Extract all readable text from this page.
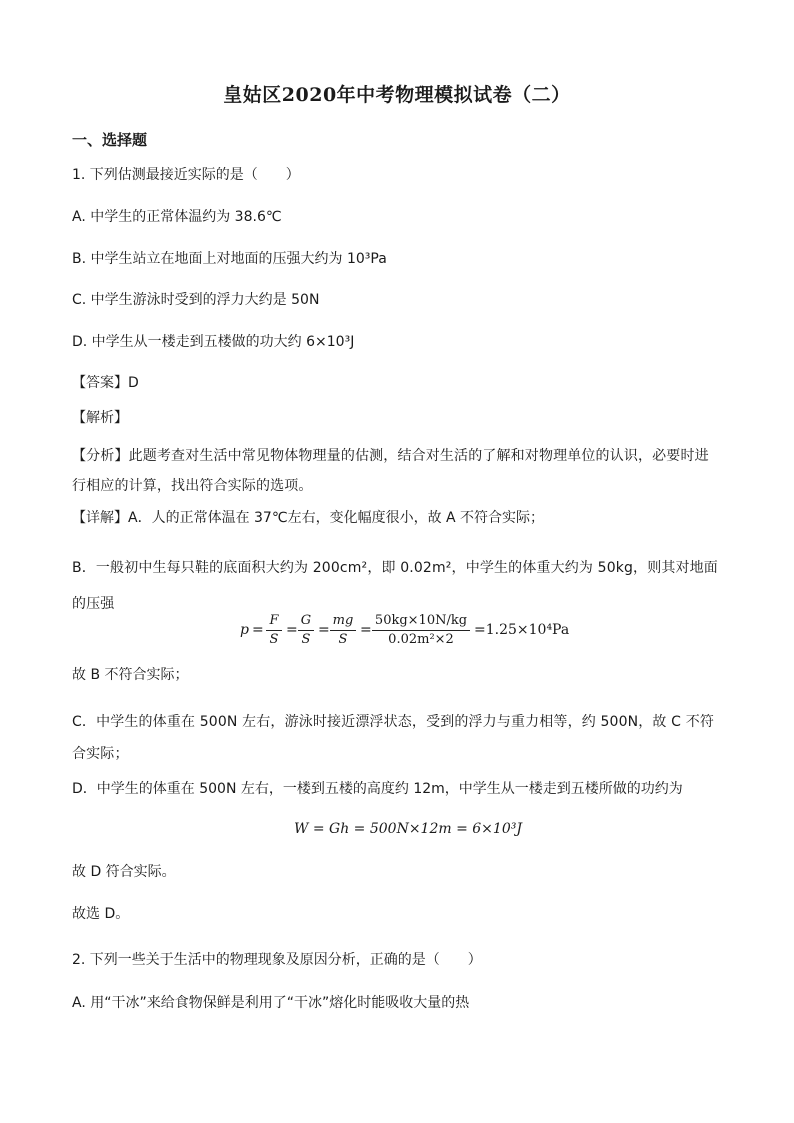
皇姑区2020年中考物理模拟试卷（二）
一、选择题
1. 下列估测最接近实际的是（　　）
A. 中学生的正常体温约为 38.6℃
B. 中学生站立在地面上对地面的压强大约为 10³Pa
C. 中学生游泳时受到的浮力大约是 50N
D. 中学生从一楼走到五楼做的功大约 6×10³J
【答案】D
【解析】
【分析】此题考查对生活中常见物体物理量的估测，结合对生活的了解和对物理单位的认识，必要时进行相应的计算，找出符合实际的选项。
【详解】A．人的正常体温在 37℃左右，变化幅度很小，故 A 不符合实际；
B．一般初中生每只鞋的底面积大约为 200cm²，即 0.02m²，中学生的体重大约为 50kg，则其对地面的压强
$p = \frac{F}{S} = \frac{G}{S} = \frac{mg}{S} = \frac{50kg\times 10N/kg}{\text{0.02m²×2}} =1.25\times 10^4Pa$
故 B 不符合实际；
C．中学生的体重在 500N 左右，游泳时接近漂浮状态，受到的浮力与重力相等，约 500N，故 C 不符合实际；
D．中学生的体重在 500N 左右，一楼到五楼的高度约 12m，中学生从一楼走到五楼所做的功约为
W = Gh = 500N×12m = 6×10³J
故 D 符合实际。
故选 D。
2. 下列一些关于生活中的物理现象及原因分析，正确的是（　　）
A. 用“干冰”来给食物保鲜是利用了“干冰”熔化时能吸收大量的热
